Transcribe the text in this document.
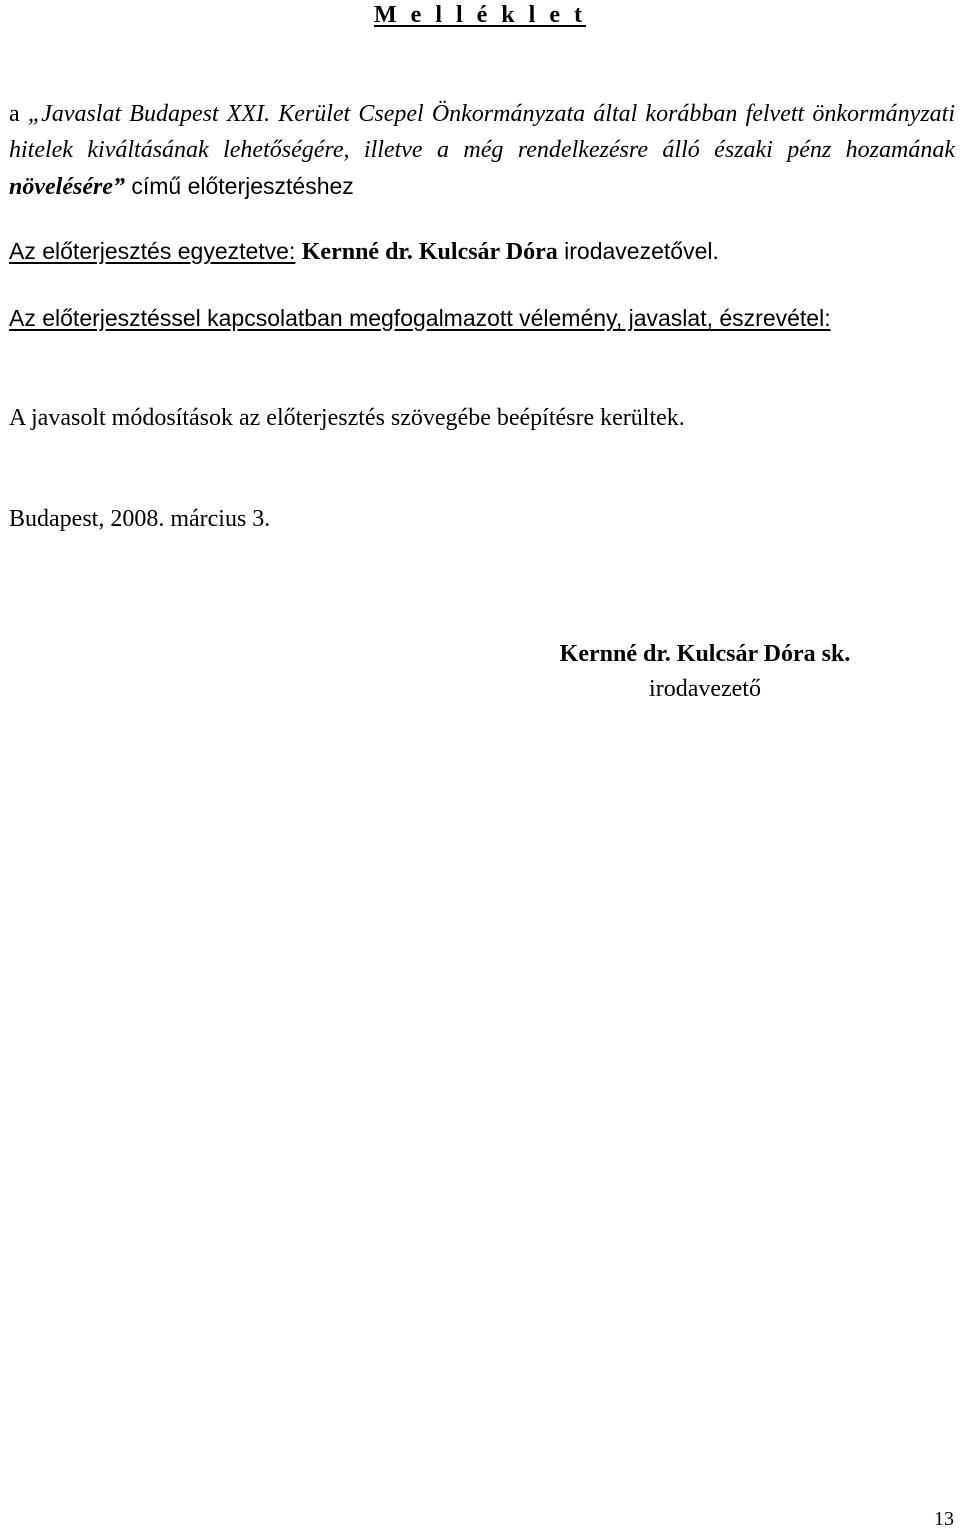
M e l l é k l e t
a „Javaslat Budapest XXI. Kerület Csepel Önkormányzata által korábban felvett önkormányzati hitelek kiváltásának lehetőségére, illetve a még rendelkezésre álló északi pénz hozamának növelésére” című előterjesztéshez
Az előterjesztés egyeztetve: Kernné dr. Kulcsár Dóra irodavezetővel.
Az előterjesztéssel kapcsolatban megfogalmazott vélemény, javaslat, észrevétel:
A javasolt módosítások az előterjesztés szövegébe beépítésre kerültek.
Budapest, 2008. március 3.
Kernné dr. Kulcsár Dóra sk.
irodavezető
13
